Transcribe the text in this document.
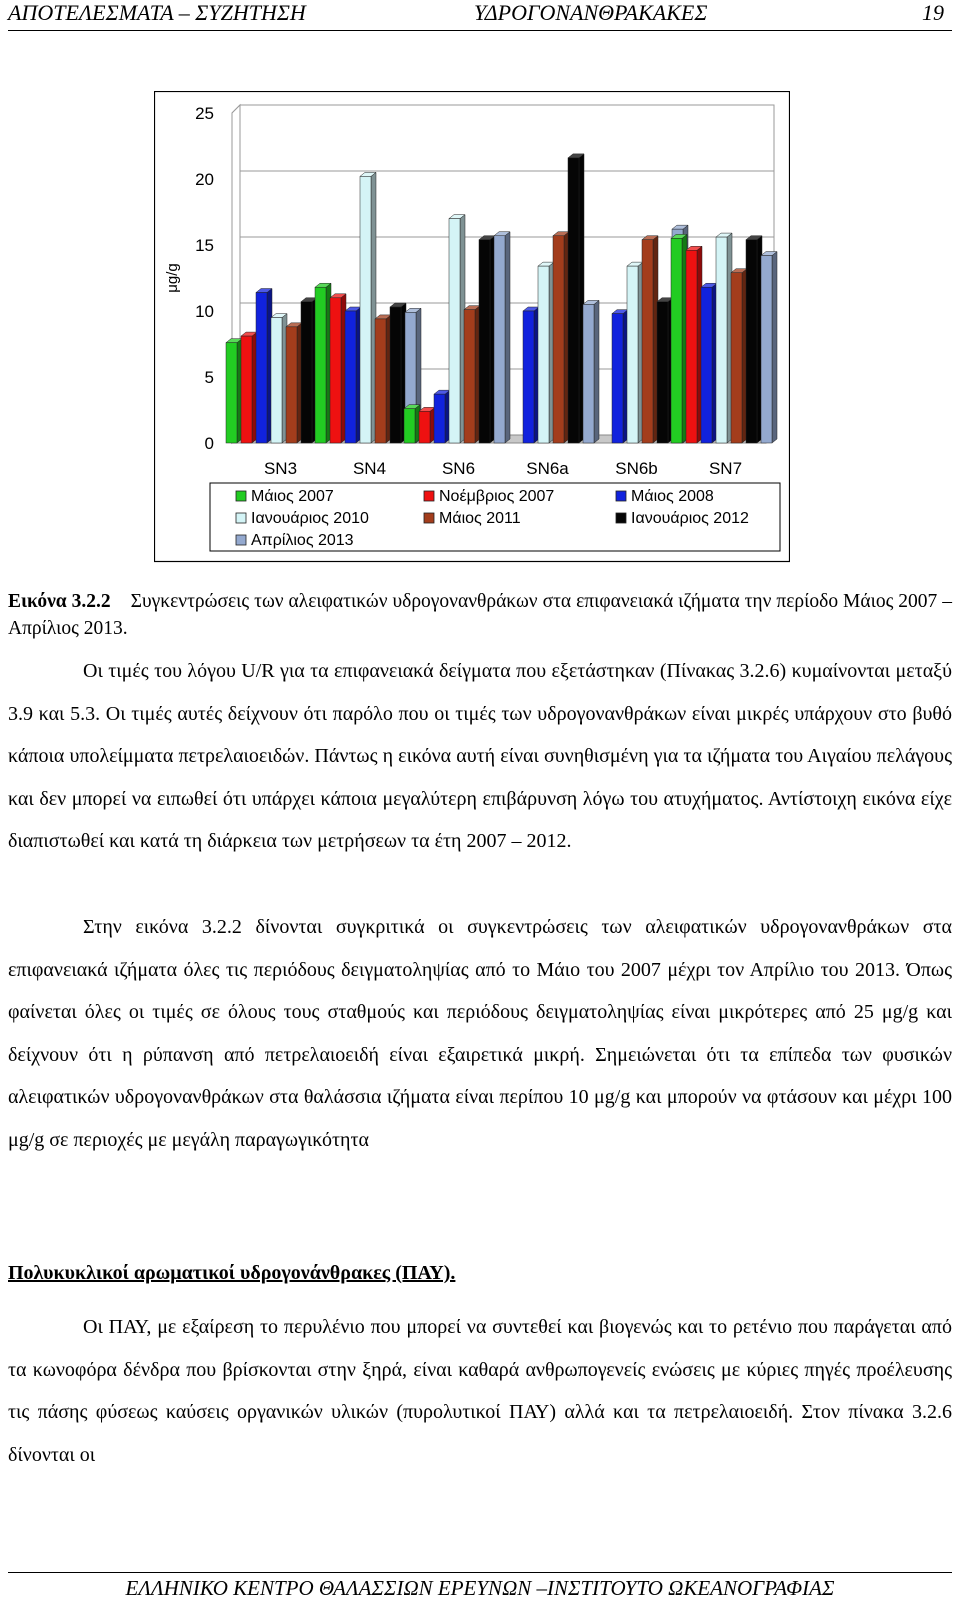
ΑΠΟΤΕΛΕΣΜΑΤΑ – ΣΥΖΗΤΗΣΗ	ΥΔΡΟΓΟΝΑΝΘΡΑΚΑΚΕΣ	19
0
5
10
15
20
25
μg/g
SN3	SN4	SN6	SN6a	SN6b	SN7
Μάιος 2007	Νοέμβριος 2007	Μάιος 2008
Ιανουάριος 2010	Μάιος 2011	Ιανουάριος 2012
Απρίλιος 2013
Εικόνα 3.2.2 Συγκεντρώσεις των αλειφατικών υδρογονανθράκων στα επιφανειακά ιζήματα την περίοδο Μάιος 2007 – Απρίλιος 2013.
Οι τιμές του λόγου U/R για τα επιφανειακά δείγματα που εξετάστηκαν (Πίνακας 3.2.6) κυμαίνονται μεταξύ 3.9 και 5.3. Οι τιμές αυτές δείχνουν ότι παρόλο που οι τιμές των υδρογονανθράκων είναι μικρές υπάρχουν στο βυθό κάποια υπολείμματα πετρελαιοειδών. Πάντως η εικόνα αυτή είναι συνηθισμένη για τα ιζήματα του Αιγαίου πελάγους και δεν μπορεί να ειπωθεί ότι υπάρχει κάποια μεγαλύτερη επιβάρυνση λόγω του ατυχήματος. Αντίστοιχη εικόνα είχε διαπιστωθεί και κατά τη διάρκεια των μετρήσεων τα έτη 2007 – 2012.
Στην εικόνα 3.2.2 δίνονται συγκριτικά οι συγκεντρώσεις των αλειφατικών υδρογονανθράκων στα επιφανειακά ιζήματα όλες τις περιόδους δειγματοληψίας από το Μάιο του 2007 μέχρι τον Απρίλιο του 2013. Όπως φαίνεται όλες οι τιμές σε όλους τους σταθμούς και περιόδους δειγματοληψίας είναι μικρότερες από 25 μg/g και δείχνουν ότι η ρύπανση από πετρελαιοειδή είναι εξαιρετικά μικρή. Σημειώνεται ότι τα επίπεδα των φυσικών αλειφατικών υδρογονανθράκων στα θαλάσσια ιζήματα είναι περίπου 10 μg/g και μπορούν να φτάσουν και μέχρι 100 μg/g σε περιοχές με μεγάλη παραγωγικότητα
Πολυκυκλικοί αρωματικοί υδρογονάνθρακες (ΠΑΥ).
Οι ΠΑΥ, με εξαίρεση το περυλένιο που μπορεί να συντεθεί και βιογενώς και το ρετένιο που παράγεται από τα κωνοφόρα δένδρα που βρίσκονται στην ξηρά, είναι καθαρά ανθρωπογενείς ενώσεις με κύριες πηγές προέλευσης τις πάσης φύσεως καύσεις οργανικών υλικών (πυρολυτικοί ΠΑΥ) αλλά και τα πετρελαιοειδή. Στον πίνακα 3.2.6 δίνονται οι
ΕΛΛΗΝΙΚΟ ΚΕΝΤΡΟ ΘΑΛΑΣΣΙΩΝ ΕΡΕΥΝΩΝ –ΙΝΣΤΙΤΟΥΤΟ ΩΚΕΑΝΟΓΡΑΦΙΑΣ
